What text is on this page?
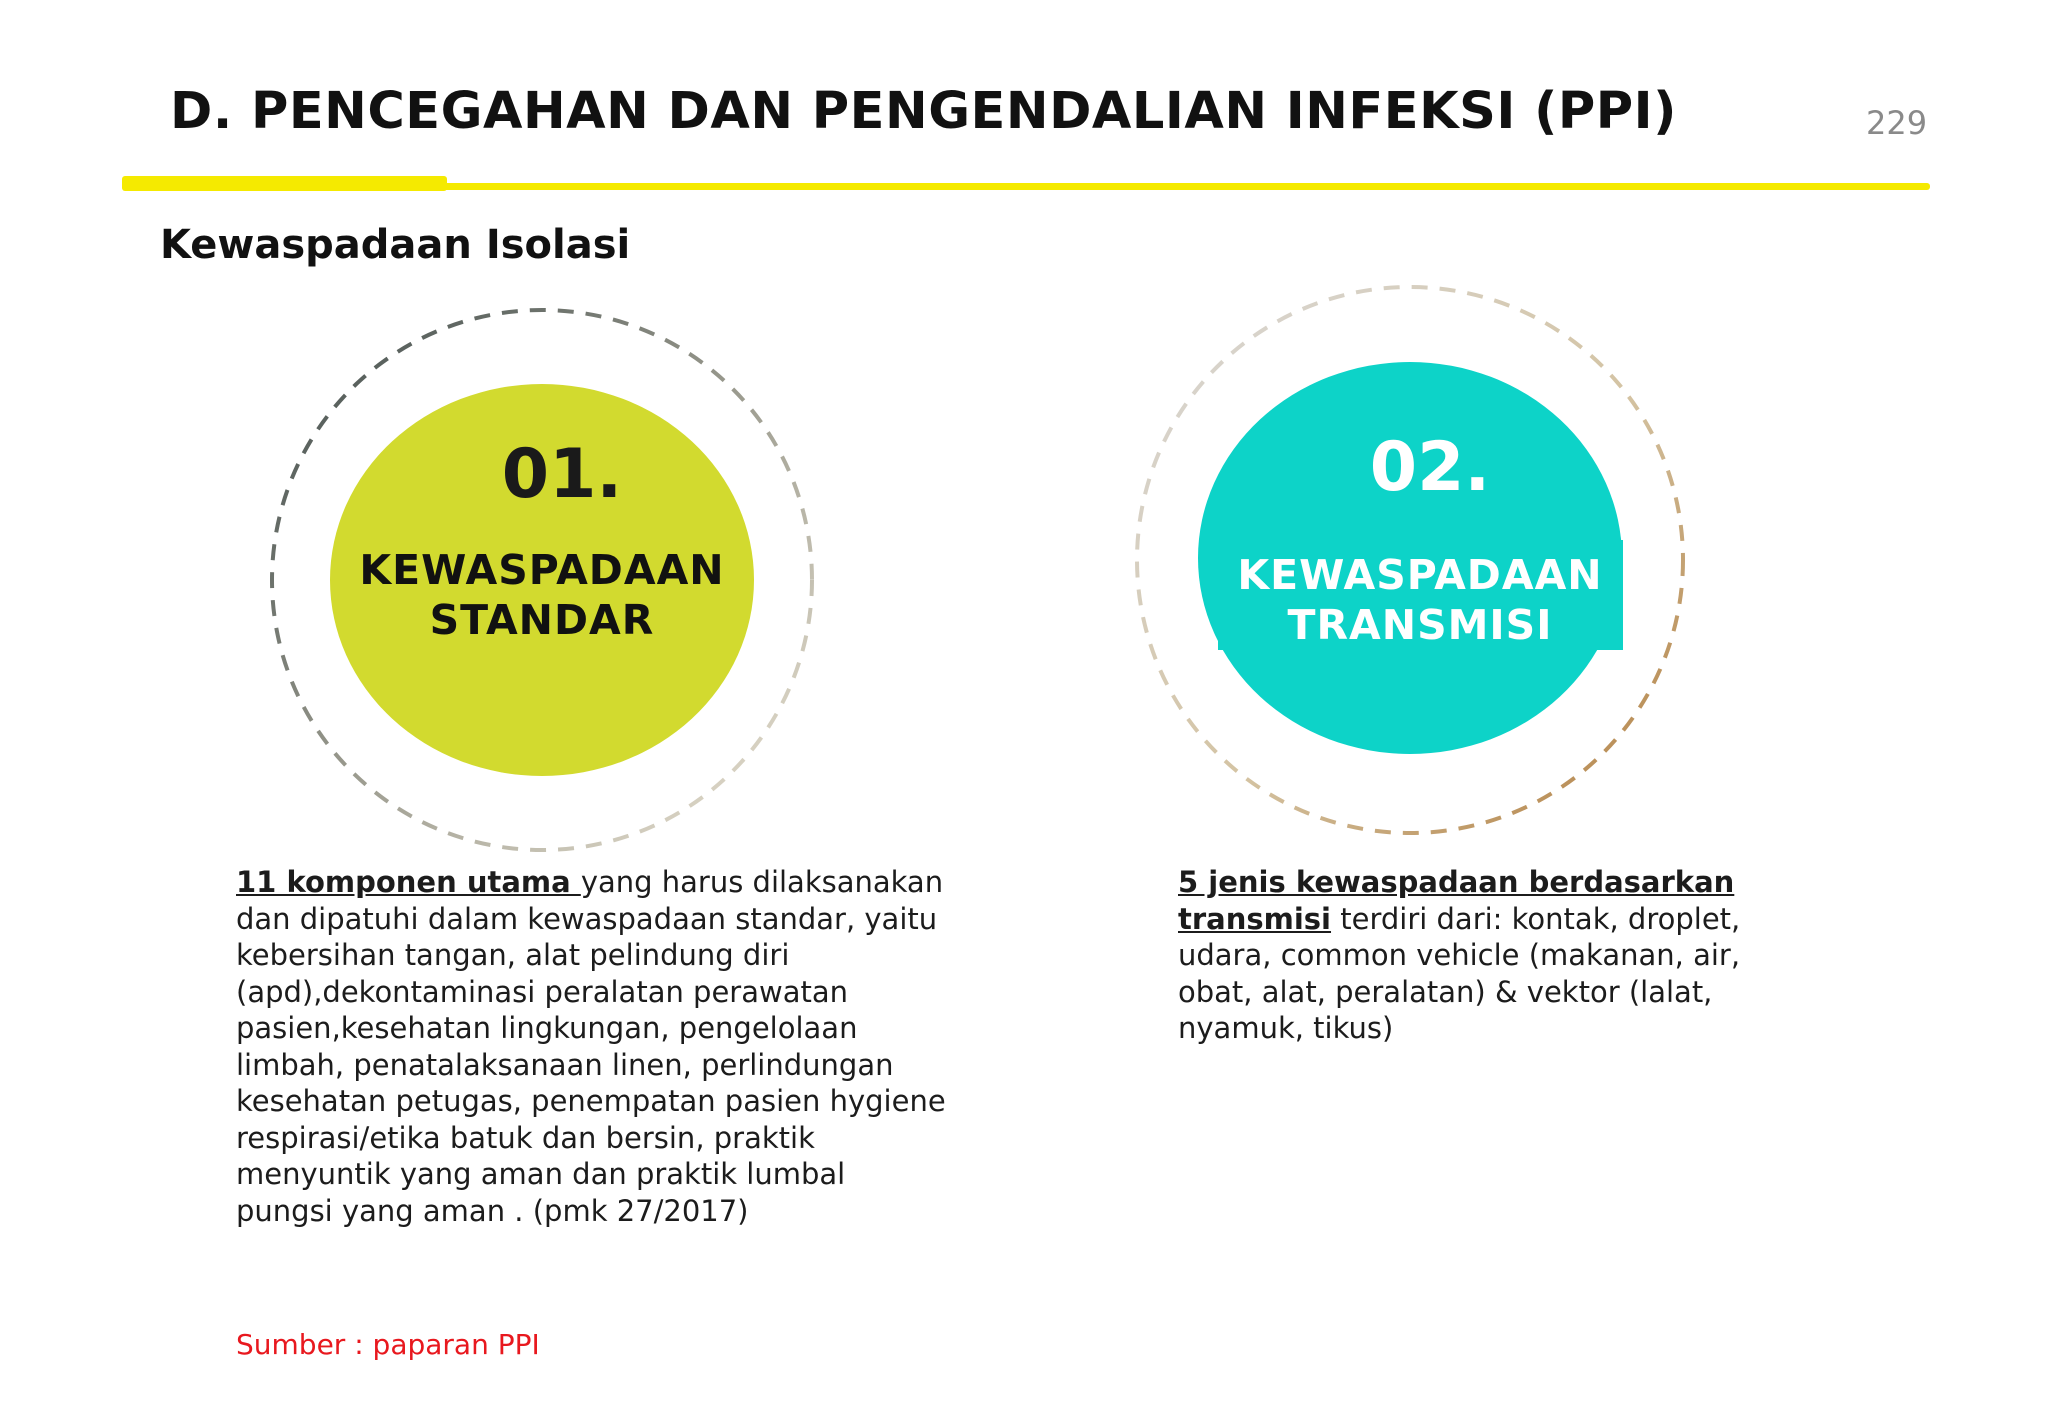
D. PENCEGAHAN DAN PENGENDALIAN INFEKSI (PPI)	229
Kewaspadaan Isolasi
01.
KEWASPADAAN
STANDAR
02.
KEWASPADAAN
TRANSMISI
11 komponen utama yang harus dilaksanakan dan dipatuhi dalam kewaspadaan standar, yaitu kebersihan tangan, alat pelindung diri (apd),dekontaminasi peralatan perawatan pasien,kesehatan lingkungan, pengelolaan limbah, penatalaksanaan linen, perlindungan kesehatan petugas, penempatan pasien hygiene respirasi/etika batuk dan bersin, praktik menyuntik yang aman dan praktik lumbal pungsi yang aman . (pmk 27/2017)
5 jenis kewaspadaan berdasarkan transmisi terdiri dari: kontak, droplet, udara, common vehicle (makanan, air, obat, alat, peralatan) & vektor (lalat, nyamuk, tikus)
Sumber : paparan PPI
